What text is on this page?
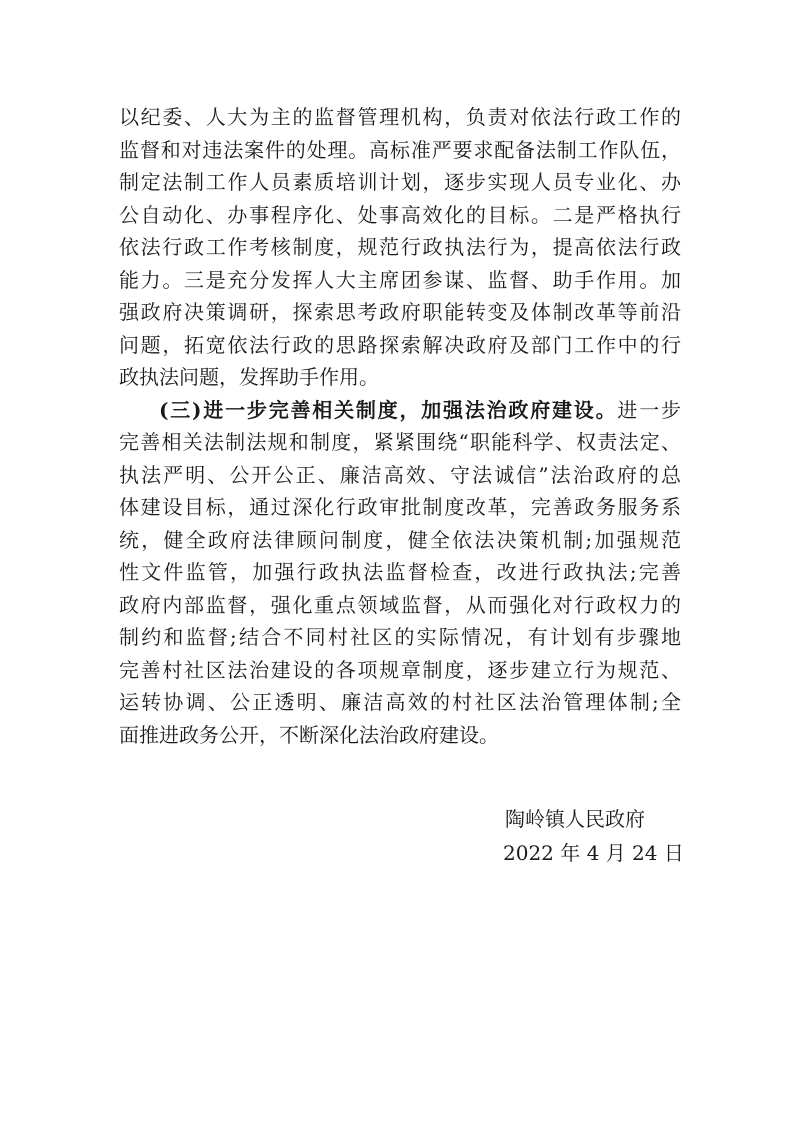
以纪委、人大为主的监督管理机构，负责对依法行政工作的
监督和对违法案件的处理。高标准严要求配备法制工作队伍，
制定法制工作人员素质培训计划，逐步实现人员专业化、办
公自动化、办事程序化、处事高效化的目标。二是严格执行
依法行政工作考核制度，规范行政执法行为，提高依法行政
能力。三是充分发挥人大主席团参谋、监督、助手作用。加
强政府决策调研，探索思考政府职能转变及体制改革等前沿
问题，拓宽依法行政的思路探索解决政府及部门工作中的行
政执法问题，发挥助手作用。
(三)进一步完善相关制度，加强法治政府建设。进一步
完善相关法制法规和制度，紧紧围绕“职能科学、权责法定、
执法严明、公开公正、廉洁高效、守法诚信”法治政府的总
体建设目标，通过深化行政审批制度改革，完善政务服务系
统，健全政府法律顾问制度，健全依法决策机制;加强规范
性文件监管，加强行政执法监督检查，改进行政执法;完善
政府内部监督，强化重点领域监督，从而强化对行政权力的
制约和监督;结合不同村社区的实际情况，有计划有步骤地
完善村社区法治建设的各项规章制度，逐步建立行为规范、
运转协调、公正透明、廉洁高效的村社区法治管理体制;全
面推进政务公开，不断深化法治政府建设。
陶岭镇人民政府
2022 年 4 月 24 日
